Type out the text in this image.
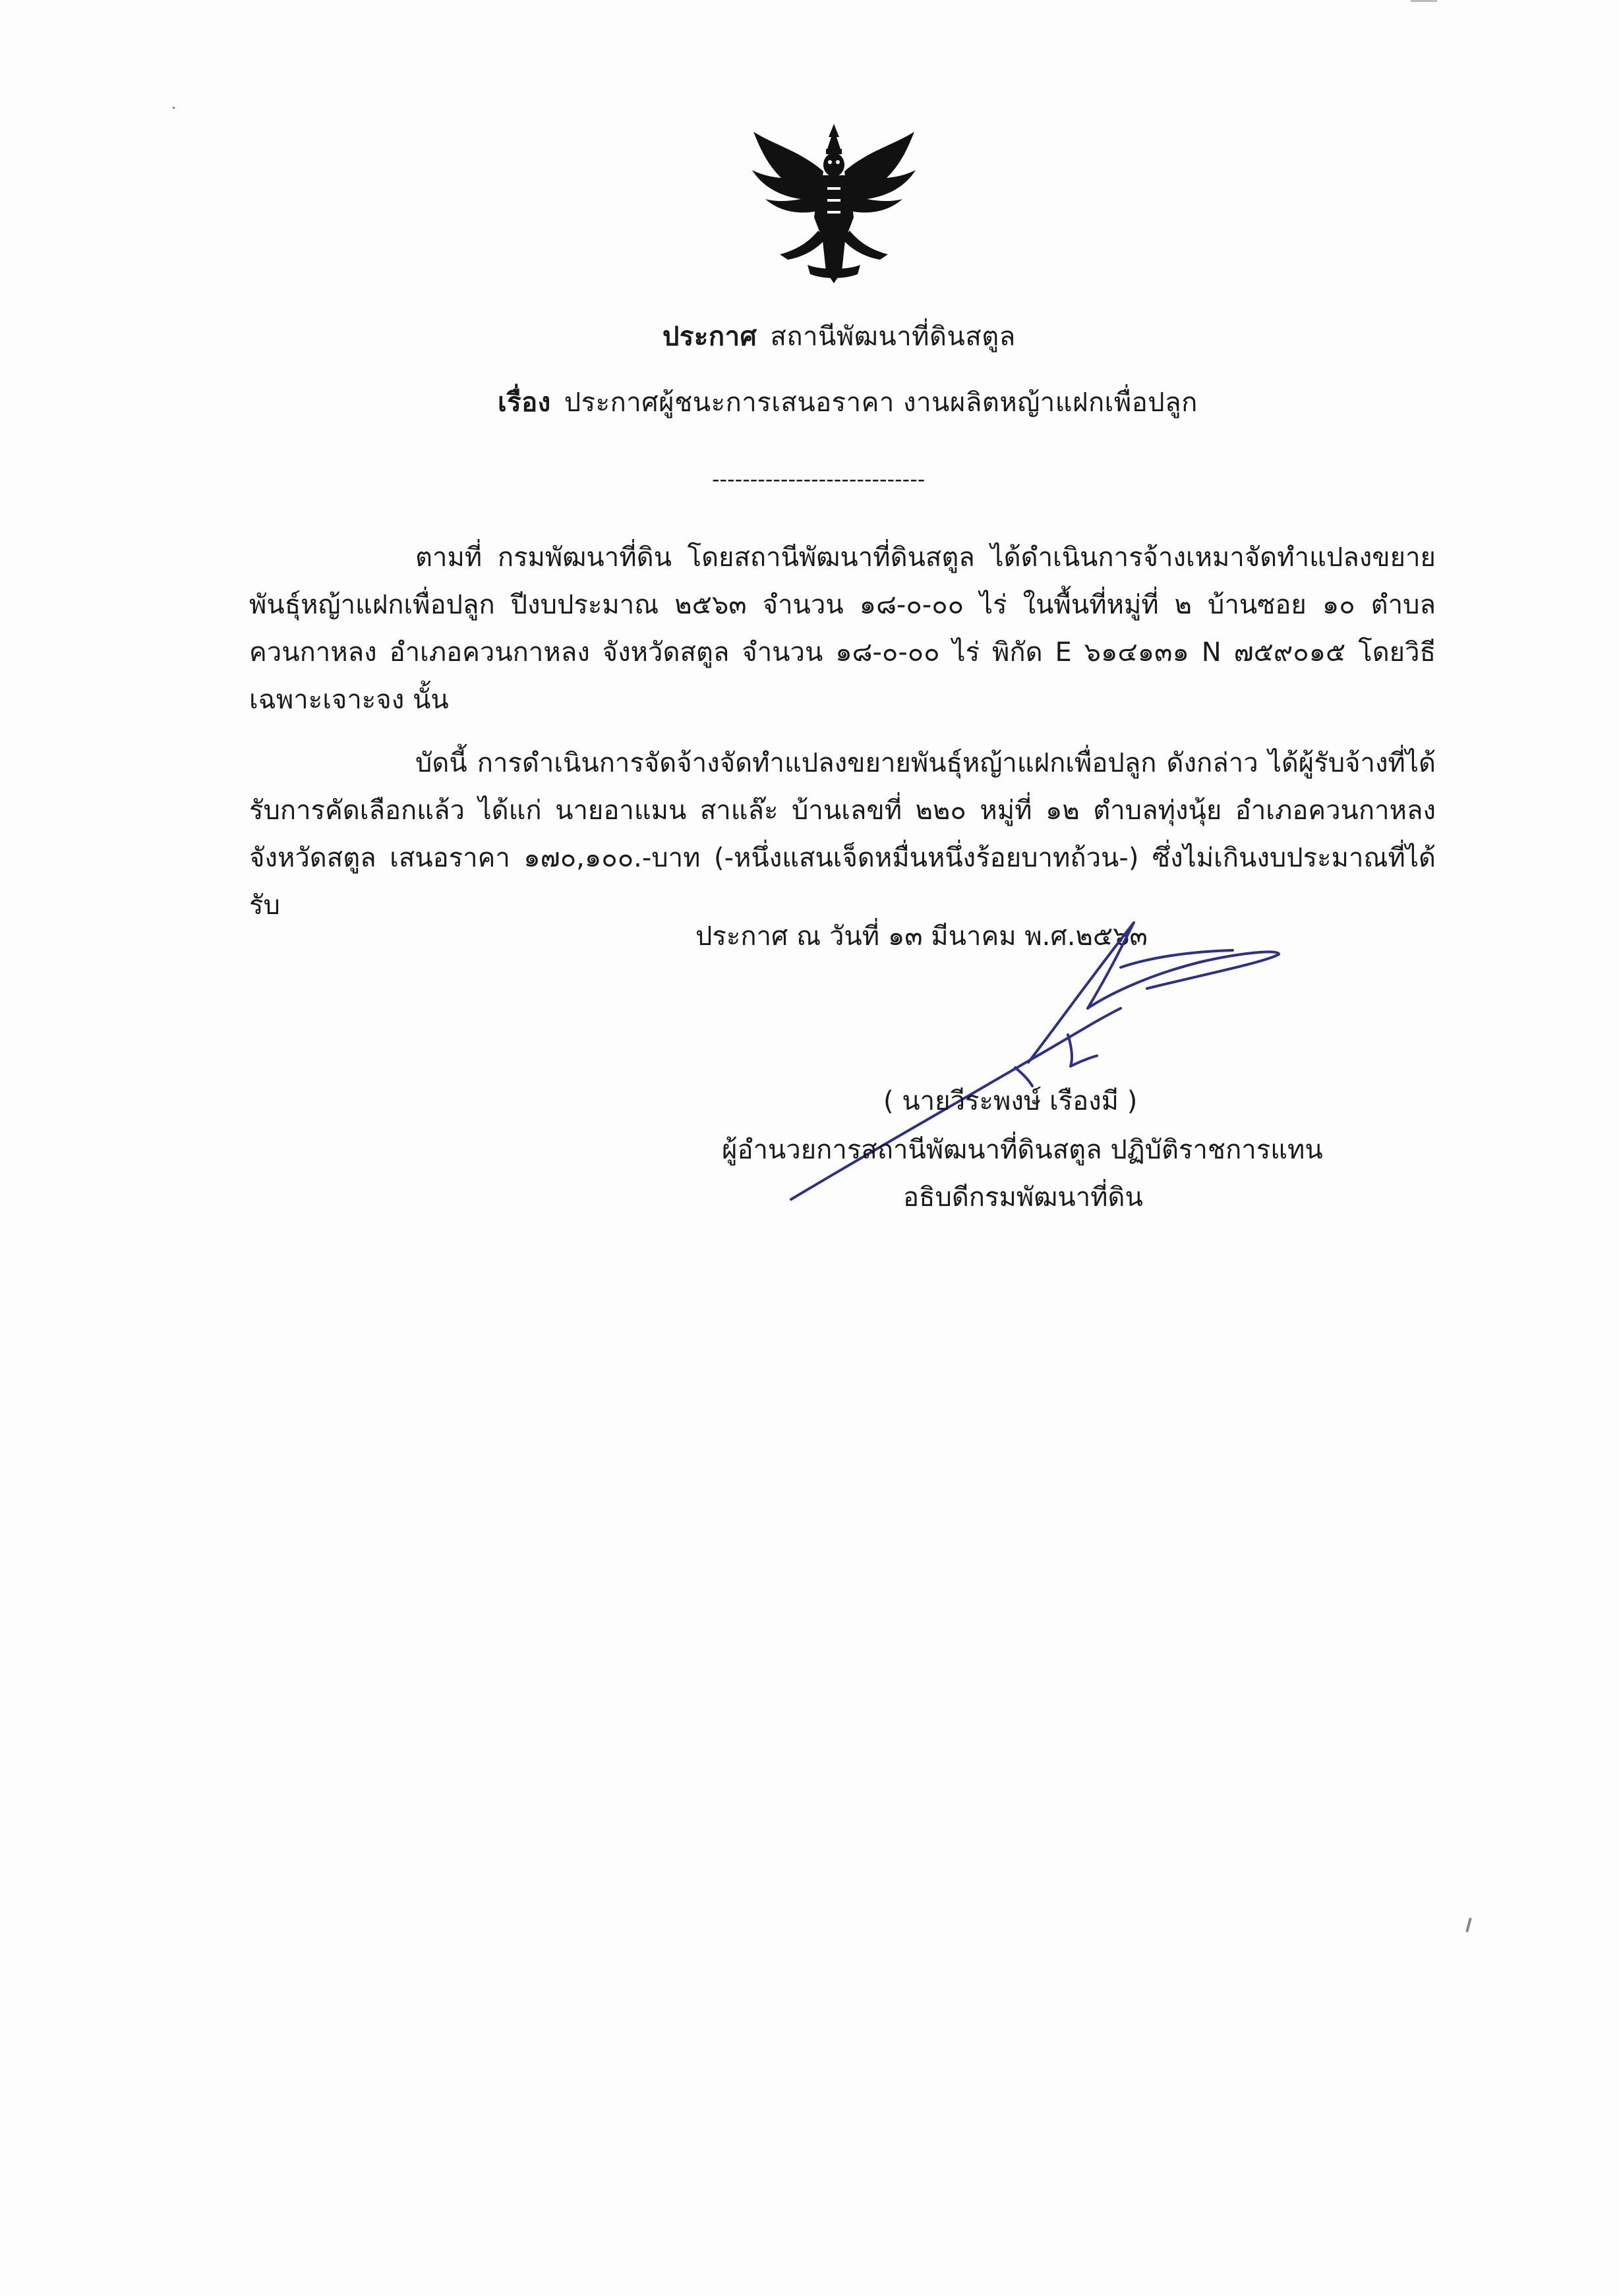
ประกาศ สถานีพัฒนาที่ดินสตูล
เรื่อง ประกาศผู้ชนะการเสนอราคา งานผลิตหญ้าแฝกเพื่อปลูก
----------------------------

ตามที่ กรมพัฒนาที่ดิน โดยสถานีพัฒนาที่ดินสตูล ได้ดำเนินการจ้างเหมาจัดทำแปลงขยายพันธุ์หญ้าแฝกเพื่อปลูก ปีงบประมาณ ๒๕๖๓ จำนวน ๑๘-๐-๐๐ ไร่ ในพื้นที่หมู่ที่ ๒ บ้านซอย ๑๐ ตำบลควนกาหลง อำเภอควนกาหลง จังหวัดสตูล จำนวน ๑๘-๐-๐๐ ไร่ พิกัด E ๖๑๔๑๓๑ N ๗๕๙๐๑๕ โดยวิธีเฉพาะเจาะจง นั้น

บัดนี้ การดำเนินการจัดจ้างจัดทำแปลงขยายพันธุ์หญ้าแฝกเพื่อปลูก ดังกล่าว ได้ผู้รับจ้างที่ได้รับการคัดเลือกแล้ว ได้แก่ นายอาแมน สาแล๊ะ บ้านเลขที่ ๒๒๐ หมู่ที่ ๑๒ ตำบลทุ่งนุ้ย อำเภอควนกาหลง จังหวัดสตูล เสนอราคา ๑๗๐,๑๐๐.-บาท (-หนึ่งแสนเจ็ดหมื่นหนึ่งร้อยบาทถ้วน-) ซึ่งไม่เกินงบประมาณที่ได้รับ

ประกาศ ณ วันที่ ๑๓ มีนาคม พ.ศ.๒๕๖๓
( นายวีระพงษ์ เรืองมี )
ผู้อำนวยการสถานีพัฒนาที่ดินสตูล ปฏิบัติราชการแทน
อธิบดีกรมพัฒนาที่ดิน
